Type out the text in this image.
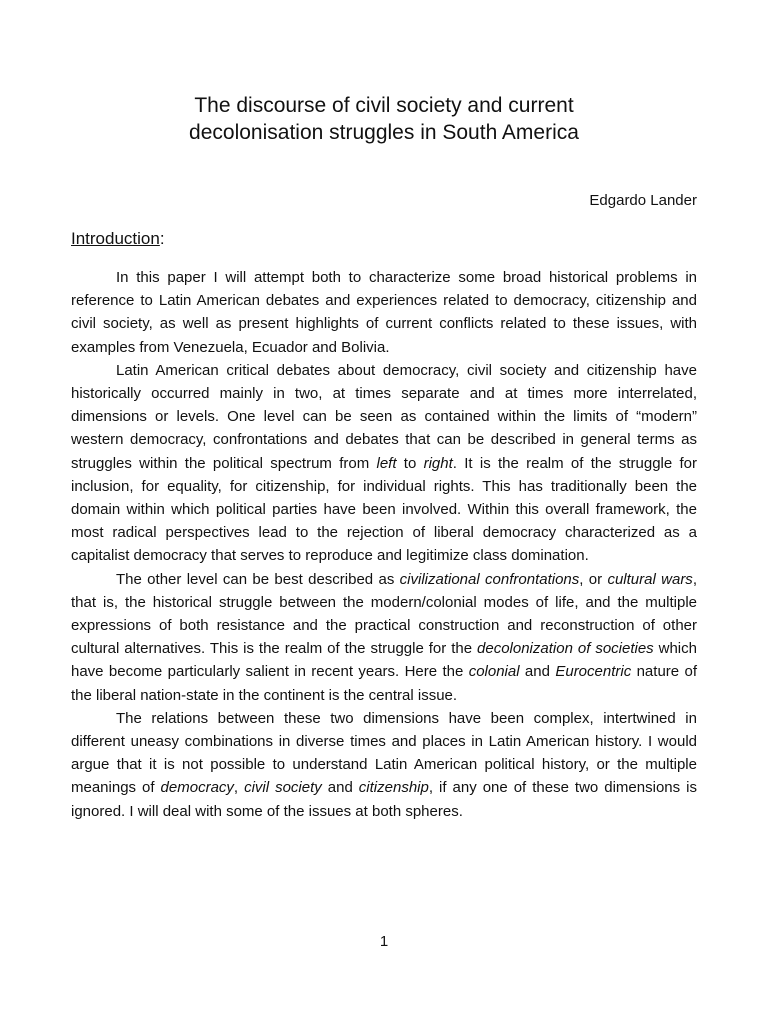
The discourse of civil society and current
decolonisation struggles in South America

Edgardo Lander

Introduction:

In this paper I will attempt both to characterize some broad historical problems in reference to Latin American debates and experiences related to democracy, citizenship and civil society, as well as present highlights of current conflicts related to these issues, with examples from Venezuela, Ecuador and Bolivia.

Latin American critical debates about democracy, civil society and citizenship have historically occurred mainly in two, at times separate and at times more interrelated, dimensions or levels. One level can be seen as contained within the limits of “modern” western democracy, confrontations and debates that can be described in general terms as struggles within the political spectrum from left to right. It is the realm of the struggle for inclusion, for equality, for citizenship, for individual rights. This has traditionally been the domain within which political parties have been involved. Within this overall framework, the most radical perspectives lead to the rejection of liberal democracy characterized as a capitalist democracy that serves to reproduce and legitimize class domination.

The other level can be best described as civilizational confrontations, or cultural wars, that is, the historical struggle between the modern/colonial modes of life, and the multiple expressions of both resistance and the practical construction and reconstruction of other cultural alternatives. This is the realm of the struggle for the decolonization of societies which have become particularly salient in recent years. Here the colonial and Eurocentric nature of the liberal nation-state in the continent is the central issue.

The relations between these two dimensions have been complex, intertwined in different uneasy combinations in diverse times and places in Latin American history. I would argue that it is not possible to understand Latin American political history, or the multiple meanings of democracy, civil society and citizenship, if any one of these two dimensions is ignored. I will deal with some of the issues at both spheres.

1
